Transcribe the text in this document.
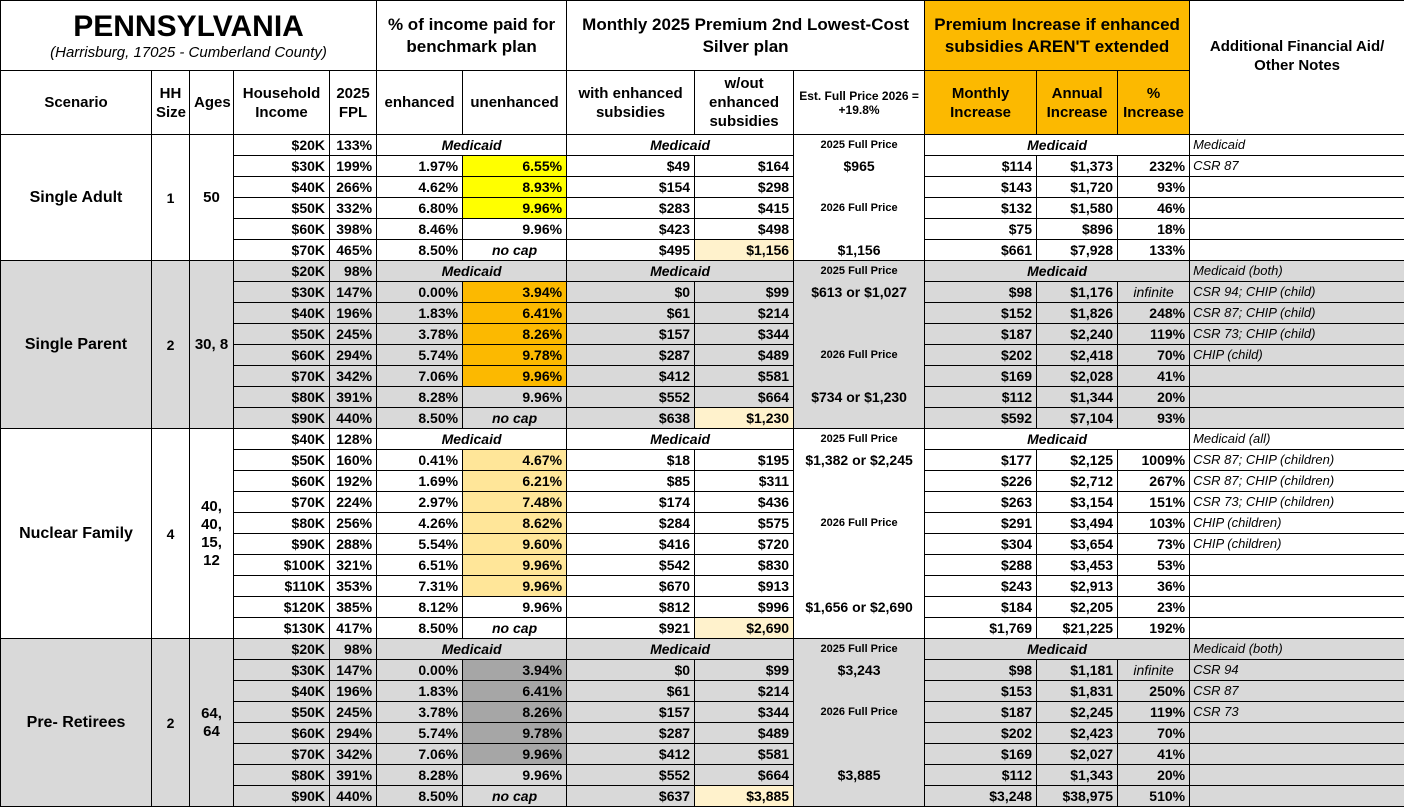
PENNSYLVANIA
(Harrisburg, 17025 - Cumberland County)					% of income paid for benchmark plan		Monthly 2025 Premium 2nd Lowest-Cost Silver plan			Premium Increase if enhanced subsidies AREN'T extended			Additional Financial Aid/ Other Notes
Scenario	HH Size	Ages	Household Income	2025 FPL	enhanced	unenhanced	with enhanced subsidies	w/out enhanced subsidies	Est. Full Price 2026 = +19.8%	Monthly Increase	Annual Increase	% Increase	
Single Adult	1	50	$20K	133%	Medicaid		Medicaid		2025 Full Price	Medicaid			Medicaid
			$30K	199%	1.97%	6.55%	$49	$164	$965	$114	$1,373	232%	CSR 87
			$40K	266%	4.62%	8.93%	$154	$298		$143	$1,720	93%	
			$50K	332%	6.80%	9.96%	$283	$415	2026 Full Price	$132	$1,580	46%	
			$60K	398%	8.46%	9.96%	$423	$498		$75	$896	18%	
			$70K	465%	8.50%	no cap	$495	$1,156	$1,156	$661	$7,928	133%	
Single Parent	2	30, 8	$20K	98%	Medicaid		Medicaid		2025 Full Price	Medicaid			Medicaid (both)
			$30K	147%	0.00%	3.94%	$0	$99	$613 or $1,027	$98	$1,176	infinite	CSR 94; CHIP (child)
			$40K	196%	1.83%	6.41%	$61	$214		$152	$1,826	248%	CSR 87; CHIP (child)
			$50K	245%	3.78%	8.26%	$157	$344		$187	$2,240	119%	CSR 73; CHIP (child)
			$60K	294%	5.74%	9.78%	$287	$489	2026 Full Price	$202	$2,418	70%	CHIP (child)
			$70K	342%	7.06%	9.96%	$412	$581		$169	$2,028	41%	
			$80K	391%	8.28%	9.96%	$552	$664	$734 or $1,230	$112	$1,344	20%	
			$90K	440%	8.50%	no cap	$638	$1,230		$592	$7,104	93%	
Nuclear Family	4	40, 40, 15, 12	$40K	128%	Medicaid		Medicaid		2025 Full Price	Medicaid			Medicaid (all)
			$50K	160%	0.41%	4.67%	$18	$195	$1,382 or $2,245	$177	$2,125	1009%	CSR 87; CHIP (children)
			$60K	192%	1.69%	6.21%	$85	$311		$226	$2,712	267%	CSR 87; CHIP (children)
			$70K	224%	2.97%	7.48%	$174	$436		$263	$3,154	151%	CSR 73; CHIP (children)
			$80K	256%	4.26%	8.62%	$284	$575	2026 Full Price	$291	$3,494	103%	CHIP (children)
			$90K	288%	5.54%	9.60%	$416	$720		$304	$3,654	73%	CHIP (children)
			$100K	321%	6.51%	9.96%	$542	$830		$288	$3,453	53%	
			$110K	353%	7.31%	9.96%	$670	$913		$243	$2,913	36%	
			$120K	385%	8.12%	9.96%	$812	$996	$1,656 or $2,690	$184	$2,205	23%	
			$130K	417%	8.50%	no cap	$921	$2,690		$1,769	$21,225	192%	
Pre- Retirees	2	64, 64	$20K	98%	Medicaid		Medicaid		2025 Full Price	Medicaid			Medicaid (both)
			$30K	147%	0.00%	3.94%	$0	$99	$3,243	$98	$1,181	infinite	CSR 94
			$40K	196%	1.83%	6.41%	$61	$214		$153	$1,831	250%	CSR 87
			$50K	245%	3.78%	8.26%	$157	$344	2026 Full Price	$187	$2,245	119%	CSR 73
			$60K	294%	5.74%	9.78%	$287	$489		$202	$2,423	70%	
			$70K	342%	7.06%	9.96%	$412	$581		$169	$2,027	41%	
			$80K	391%	8.28%	9.96%	$552	$664	$3,885	$112	$1,343	20%	
			$90K	440%	8.50%	no cap	$637	$3,885		$3,248	$38,975	510%	
